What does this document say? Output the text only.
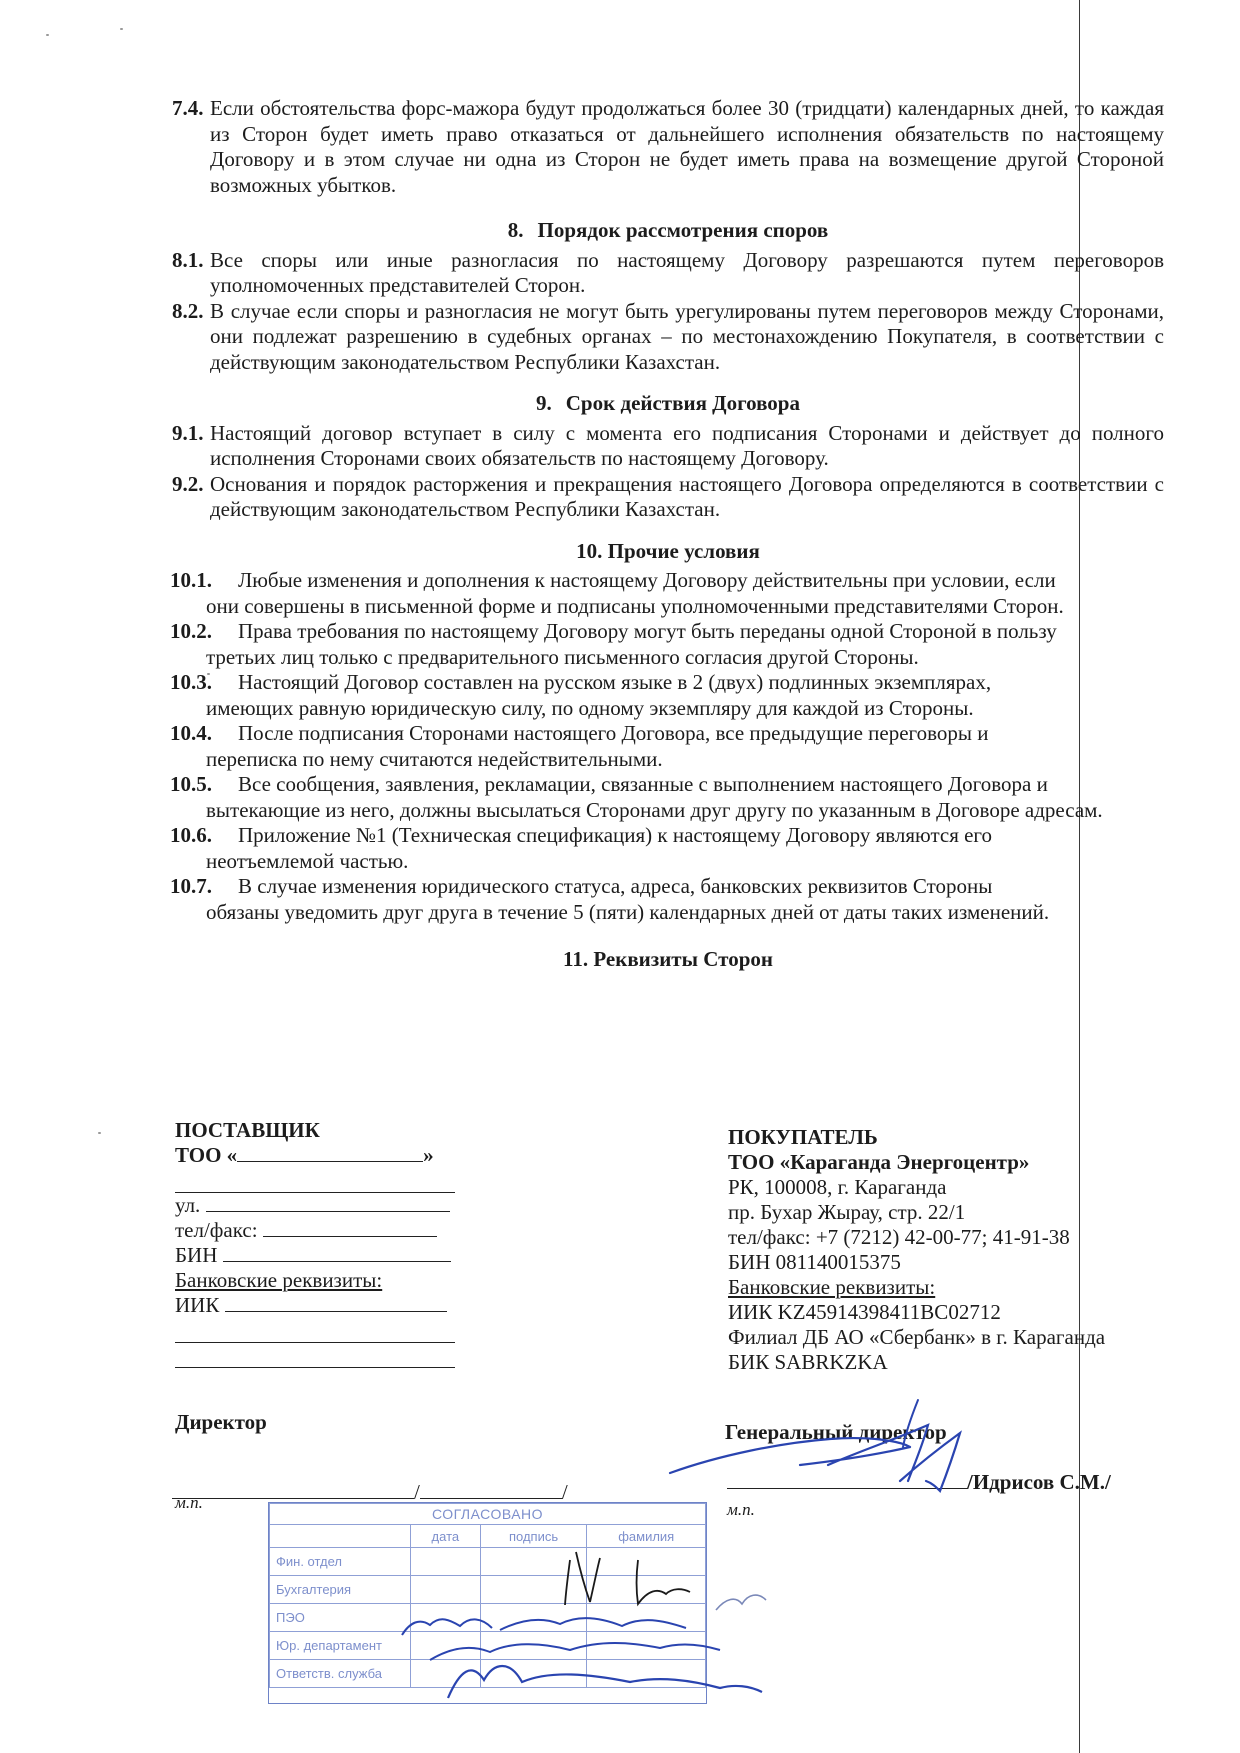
7.4. Если обстоятельства форс-мажора будут продолжаться более 30 (тридцати) календарных дней, то каждая из Сторон будет иметь право отказаться от дальнейшего исполнения обязательств по настоящему Договору и в этом случае ни одна из Сторон не будет иметь права на возмещение другой Стороной возможных убытков.
8. Порядок рассмотрения споров
8.1. Все споры или иные разногласия по настоящему Договору разрешаются путем переговоров уполномоченных представителей Сторон.
8.2. В случае если споры и разногласия не могут быть урегулированы путем переговоров между Сторонами, они подлежат разрешению в судебных органах – по местонахождению Покупателя, в соответствии с действующим законодательством Республики Казахстан.
9. Срок действия Договора
9.1. Настоящий договор вступает в силу с момента его подписания Сторонами и действует до полного исполнения Сторонами своих обязательств по настоящему Договору.
9.2. Основания и порядок расторжения и прекращения настоящего Договора определяются в соответствии с действующим законодательством Республики Казахстан.
10. Прочие условия
10.1. Любые изменения и дополнения к настоящему Договору действительны при условии, если
они совершены в письменной форме и подписаны уполномоченными представителями Сторон.
10.2. Права требования по настоящему Договору могут быть переданы одной Стороной в пользу
третьих лиц только с предварительного письменного согласия другой Стороны.
10.3. Настоящий Договор составлен на русском языке в 2 (двух) подлинных экземплярах,
имеющих равную юридическую силу, по одному экземпляру для каждой из Стороны.
10.4. После подписания Сторонами настоящего Договора, все предыдущие переговоры и
переписка по нему считаются недействительными.
10.5. Все сообщения, заявления, рекламации, связанные с выполнением настоящего Договора и
вытекающие из него, должны высылаться Сторонами друг другу по указанным в Договоре адресам.
10.6. Приложение №1 (Техническая спецификация) к настоящему Договору являются его
неотъемлемой частью.
10.7. В случае изменения юридического статуса, адреса, банковских реквизитов Стороны
обязаны уведомить друг друга в течение 5 (пяти) календарных дней от даты таких изменений.
11. Реквизиты Сторон
ПОСТАВЩИК
ТОО «	»
ул.
тел/факс:
БИН
Банковские реквизиты:
ИИК
ПОКУПАТЕЛЬ
ТОО «Караганда Энергоцентр»
РК, 100008, г. Караганда
пр. Бухар Жырау, стр. 22/1
тел/факс: +7 (7212) 42-00-77; 41-91-38
БИН 081140015375
Банковские реквизиты:
ИИК KZ45914398411BC02712
Филиал ДБ АО «Сбербанк» в г. Караганда
БИК SABRKZKA
Директор	Генеральный директор
/	/	/Идрисов С.М./
м.п.	м.п.
СОГЛАСОВАНО			
	дата	подпись	фамилия
Фин. отдел			
Бухгалтерия			
ПЭО			
Юр. департамент			
Ответств. служба			
